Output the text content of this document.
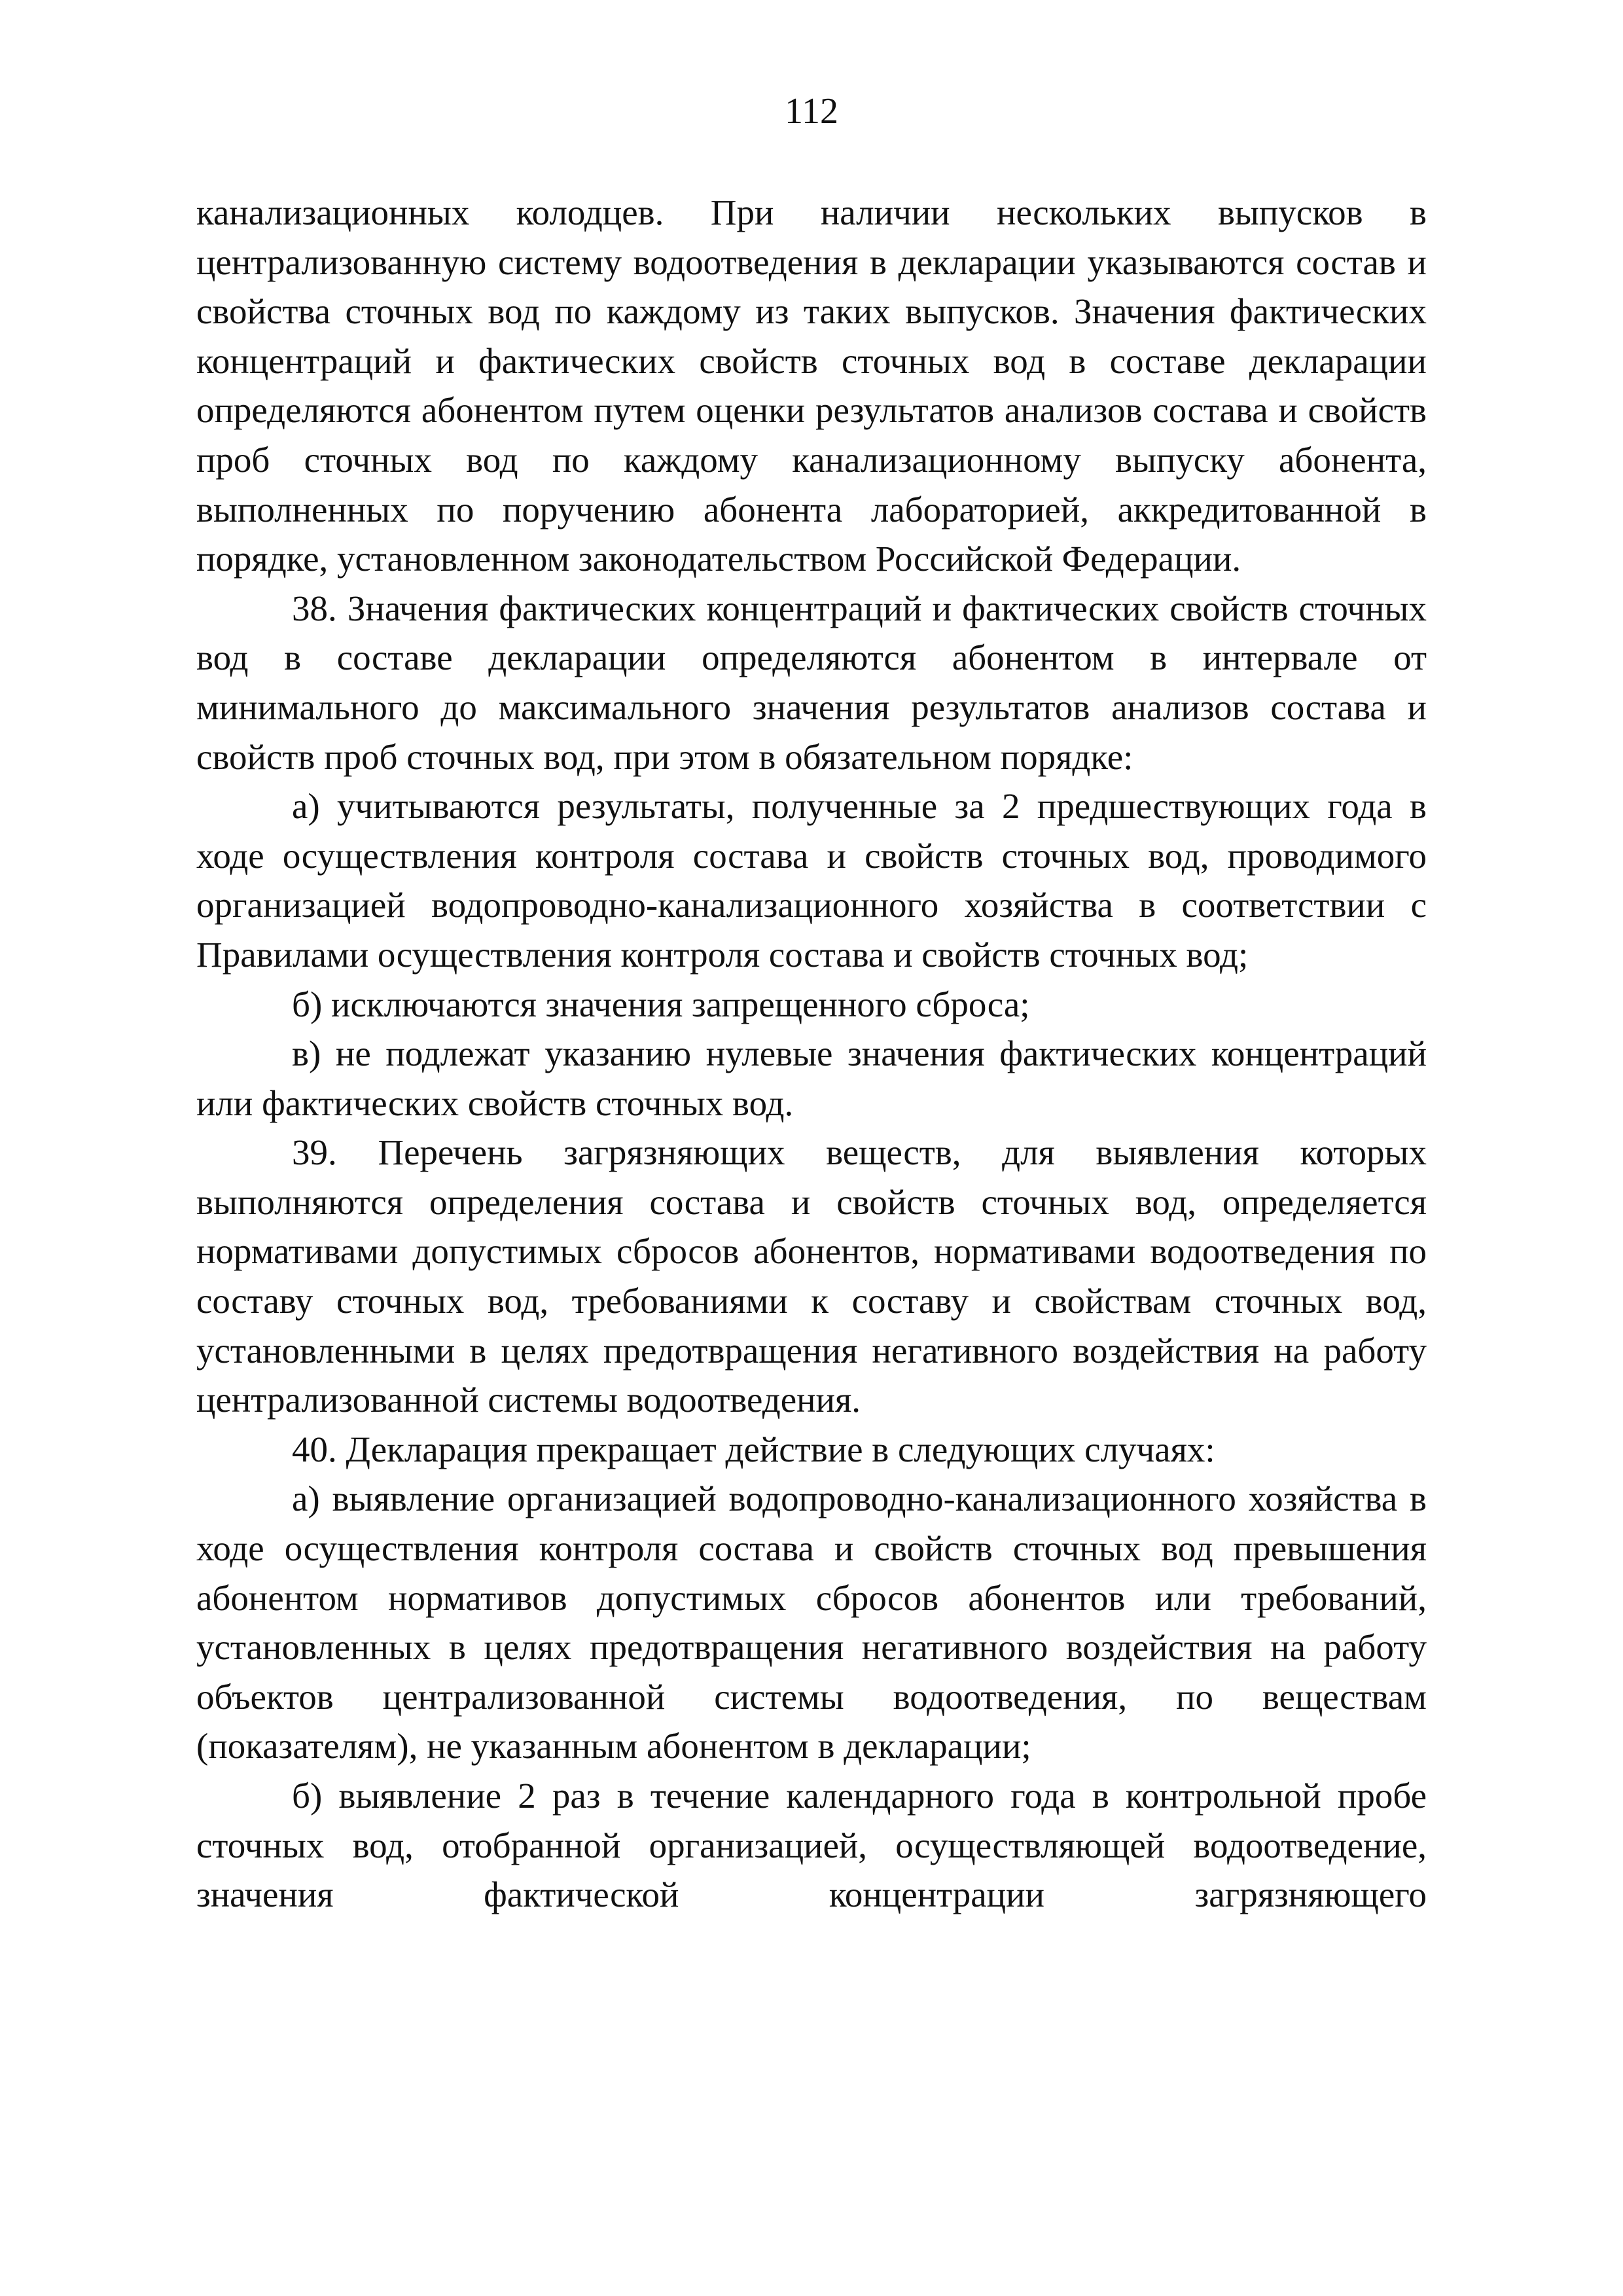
112

канализационных колодцев. При наличии нескольких выпусков в централизованную систему водоотведения в декларации указываются состав и свойства сточных вод по каждому из таких выпусков. Значения фактических концентраций и фактических свойств сточных вод в составе декларации определяются абонентом путем оценки результатов анализов состава и свойств проб сточных вод по каждому канализационному выпуску абонента, выполненных по поручению абонента лабораторией, аккредитованной в порядке, установленном законодательством Российской Федерации.

38. Значения фактических концентраций и фактических свойств сточных вод в составе декларации определяются абонентом в интервале от минимального до максимального значения результатов анализов состава и свойств проб сточных вод, при этом в обязательном порядке:

а) учитываются результаты, полученные за 2 предшествующих года в ходе осуществления контроля состава и свойств сточных вод, проводимого организацией водопроводно-канализационного хозяйства в соответствии с Правилами осуществления контроля состава и свойств сточных вод;

б) исключаются значения запрещенного сброса;

в) не подлежат указанию нулевые значения фактических концентраций или фактических свойств сточных вод.

39. Перечень загрязняющих веществ, для выявления которых выполняются определения состава и свойств сточных вод, определяется нормативами допустимых сбросов абонентов, нормативами водоотведения по составу сточных вод, требованиями к составу и свойствам сточных вод, установленными в целях предотвращения негативного воздействия на работу централизованной системы водоотведения.

40. Декларация прекращает действие в следующих случаях:

а) выявление организацией водопроводно-канализационного хозяйства в ходе осуществления контроля состава и свойств сточных вод превышения абонентом нормативов допустимых сбросов абонентов или требований, установленных в целях предотвращения негативного воздействия на работу объектов централизованной системы водоотведения, по веществам (показателям), не указанным абонентом в декларации;

б) выявление 2 раз в течение календарного года в контрольной пробе сточных вод, отобранной организацией, осуществляющей водоотведение, значения фактической концентрации загрязняющего
